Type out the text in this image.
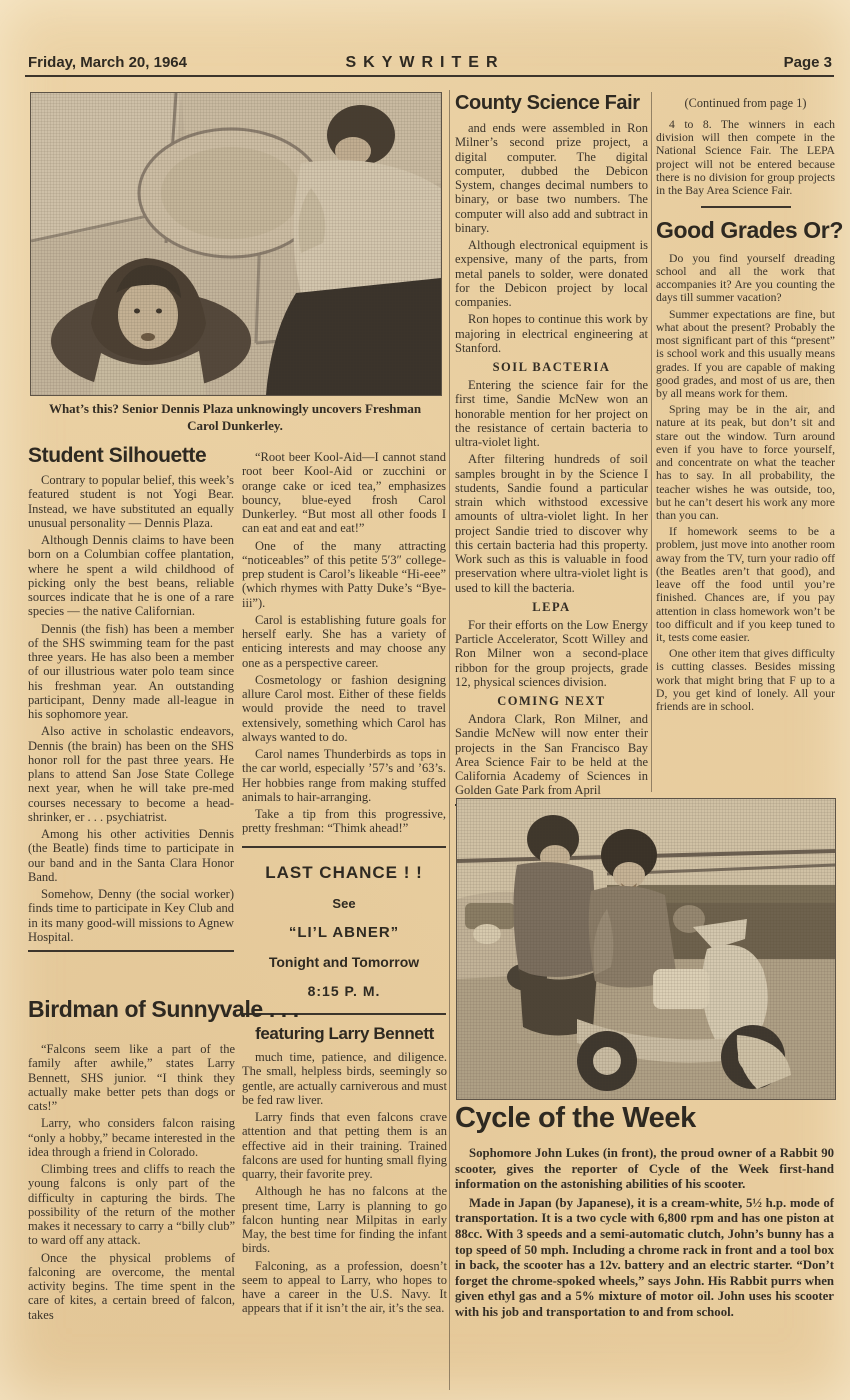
Friday, March 20, 1964	SKYWRITER	Page 3
What’s this? Senior Dennis Plaza unknowingly uncovers Freshman Carol Dunkerley.
Student Silhouette

Contrary to popular belief, this week’s featured student is not Yogi Bear. Instead, we have substituted an equally unusual personality — Dennis Plaza.

Although Dennis claims to have been born on a Columbian coffee plantation, where he spent a wild childhood of picking only the best beans, reliable sources indicate that he is one of a rare species — the native Californian.

Dennis (the fish) has been a member of the SHS swimming team for the past three years. He has also been a member of our illustrious water polo team since his freshman year. An outstanding participant, Denny made all-league in his sophomore year.

Also active in scholastic endeavors, Dennis (the brain) has been on the SHS honor roll for the past three years. He plans to attend San Jose State College next year, when he will take pre-med courses necessary to become a head-shrinker, er . . . psychiatrist.

Among his other activities Dennis (the Beatle) finds time to participate in our band and in the Santa Clara Honor Band.

Somehow, Denny (the social worker) finds time to participate in Key Club and in its many good-will missions to Agnew Hospital.

“Root beer Kool-Aid—I cannot stand root beer Kool-Aid or zucchini or orange cake or iced tea,” emphasizes bouncy, blue-eyed frosh Carol Dunkerley. “But most all other foods I can eat and eat and eat!”

One of the many attracting “noticeables” of this petite 5′3″ college-prep student is Carol’s likeable “Hi-eee” (which rhymes with Patty Duke’s “Bye-iii”).

Carol is establishing future goals for herself early. She has a variety of enticing interests and may choose any one as a perspective career.

Cosmetology or fashion designing allure Carol most. Either of these fields would provide the need to travel extensively, something which Carol has always wanted to do.

Carol names Thunderbirds as tops in the car world, especially ’57’s and ’63’s. Her hobbies range from making stuffed animals to hair-arranging.

Take a tip from this progressive, pretty freshman: “Thimk ahead!”

LAST CHANCE ! !
See
“LI’L ABNER”
Tonight and Tomorrow
8:15 P. M.
County Science Fair

and ends were assembled in Ron Milner’s second prize project, a digital computer. The digital computer, dubbed the Debicon System, changes decimal numbers to binary, or base two numbers. The computer will also add and subtract in binary.

Although electronical equipment is expensive, many of the parts, from metal panels to solder, were donated for the Debicon project by local companies.

Ron hopes to continue this work by majoring in electrical engineering at Stanford.

SOIL BACTERIA

Entering the science fair for the first time, Sandie McNew won an honorable mention for her project on the resistance of certain bacteria to ultra-violet light.

After filtering hundreds of soil samples brought in by the Science I students, Sandie found a particular strain which withstood excessive amounts of ultra-violet light. In her project Sandie tried to discover why this certain bacteria had this property. Work such as this is valuable in food preservation where ultra-violet light is used to kill the bacteria.

LEPA

For their efforts on the Low Energy Particle Accelerator, Scott Willey and Ron Milner won a second-place ribbon for the group projects, grade 12, physical sciences division.

COMING NEXT

Andora Clark, Ron Milner, and Sandie McNew will now enter their projects in the San Francisco Bay Area Science Fair to be held at the California Academy of Sciences in Golden Gate Park from April

(Continued from page 1)

4 to 8. The winners in each division will then compete in the National Science Fair. The LEPA project will not be entered because there is no division for group projects in the Bay Area Science Fair.

Good Grades Or?

Do you find yourself dreading school and all the work that accompanies it? Are you counting the days till summer vacation?

Summer expectations are fine, but what about the present? Probably the most significant part of this “present” is school work and this usually means grades. If you are capable of making good grades, and most of us are, then by all means work for them.

Spring may be in the air, and nature at its peak, but don’t sit and stare out the window. Turn around even if you have to force yourself, and concentrate on what the teacher has to say. In all probability, the teacher wishes he was outside, too, but he can’t desert his work any more than you can.

If homework seems to be a problem, just move into another room away from the TV, turn your radio off (the Beatles aren’t that good), and leave off the food until you’re finished. Chances are, if you pay attention in class homework won’t be too difficult and if you keep tuned to it, tests come easier.

One other item that gives difficulty is cutting classes. Besides missing work that might bring that F up to a D, you get kind of lonely. All your friends are in school.

Birdman of Sunnyvale . . .

“Falcons seem like a part of the family after awhile,” states Larry Bennett, SHS junior. “I think they actually make better pets than dogs or cats!”

Larry, who considers falcon raising “only a hobby,” became interested in the idea through a friend in Colorado.

Climbing trees and cliffs to reach the young falcons is only part of the difficulty in capturing the birds. The possibility of the return of the mother makes it necessary to carry a “billy club” to ward off any attack.

Once the physical problems of falconing are overcome, the mental activity begins. The time spent in the care of kites, a certain breed of falcon, takes

featuring Larry Bennett

much time, patience, and diligence. The small, helpless birds, seemingly so gentle, are actually carniverous and must be fed raw liver.

Larry finds that even falcons crave attention and that petting them is an effective aid in their training. Trained falcons are used for hunting small flying quarry, their favorite prey.

Although he has no falcons at the present time, Larry is planning to go falcon hunting near Milpitas in early May, the best time for finding the infant birds.

Falconing, as a profession, doesn’t seem to appeal to Larry, who hopes to have a career in the U.S. Navy. It appears that if it isn’t the air, it’s the sea.

Cycle of the Week

Sophomore John Lukes (in front), the proud owner of a Rabbit 90 scooter, gives the reporter of Cycle of the Week first-hand information on the astonishing abilities of his scooter.

Made in Japan (by Japanese), it is a cream-white, 5½ h.p. mode of transportation. It is a two cycle with 6,800 rpm and has one piston at 88cc. With 3 speeds and a semi-automatic clutch, John’s bunny has a top speed of 50 mph. Including a chrome rack in front and a tool box in back, the scooter has a 12v. battery and an electric starter. “Don’t forget the chrome-spoked wheels,” says John. His Rabbit purrs when given ethyl gas and a 5% mixture of motor oil. John uses his scooter with his job and transportation to and from school.
